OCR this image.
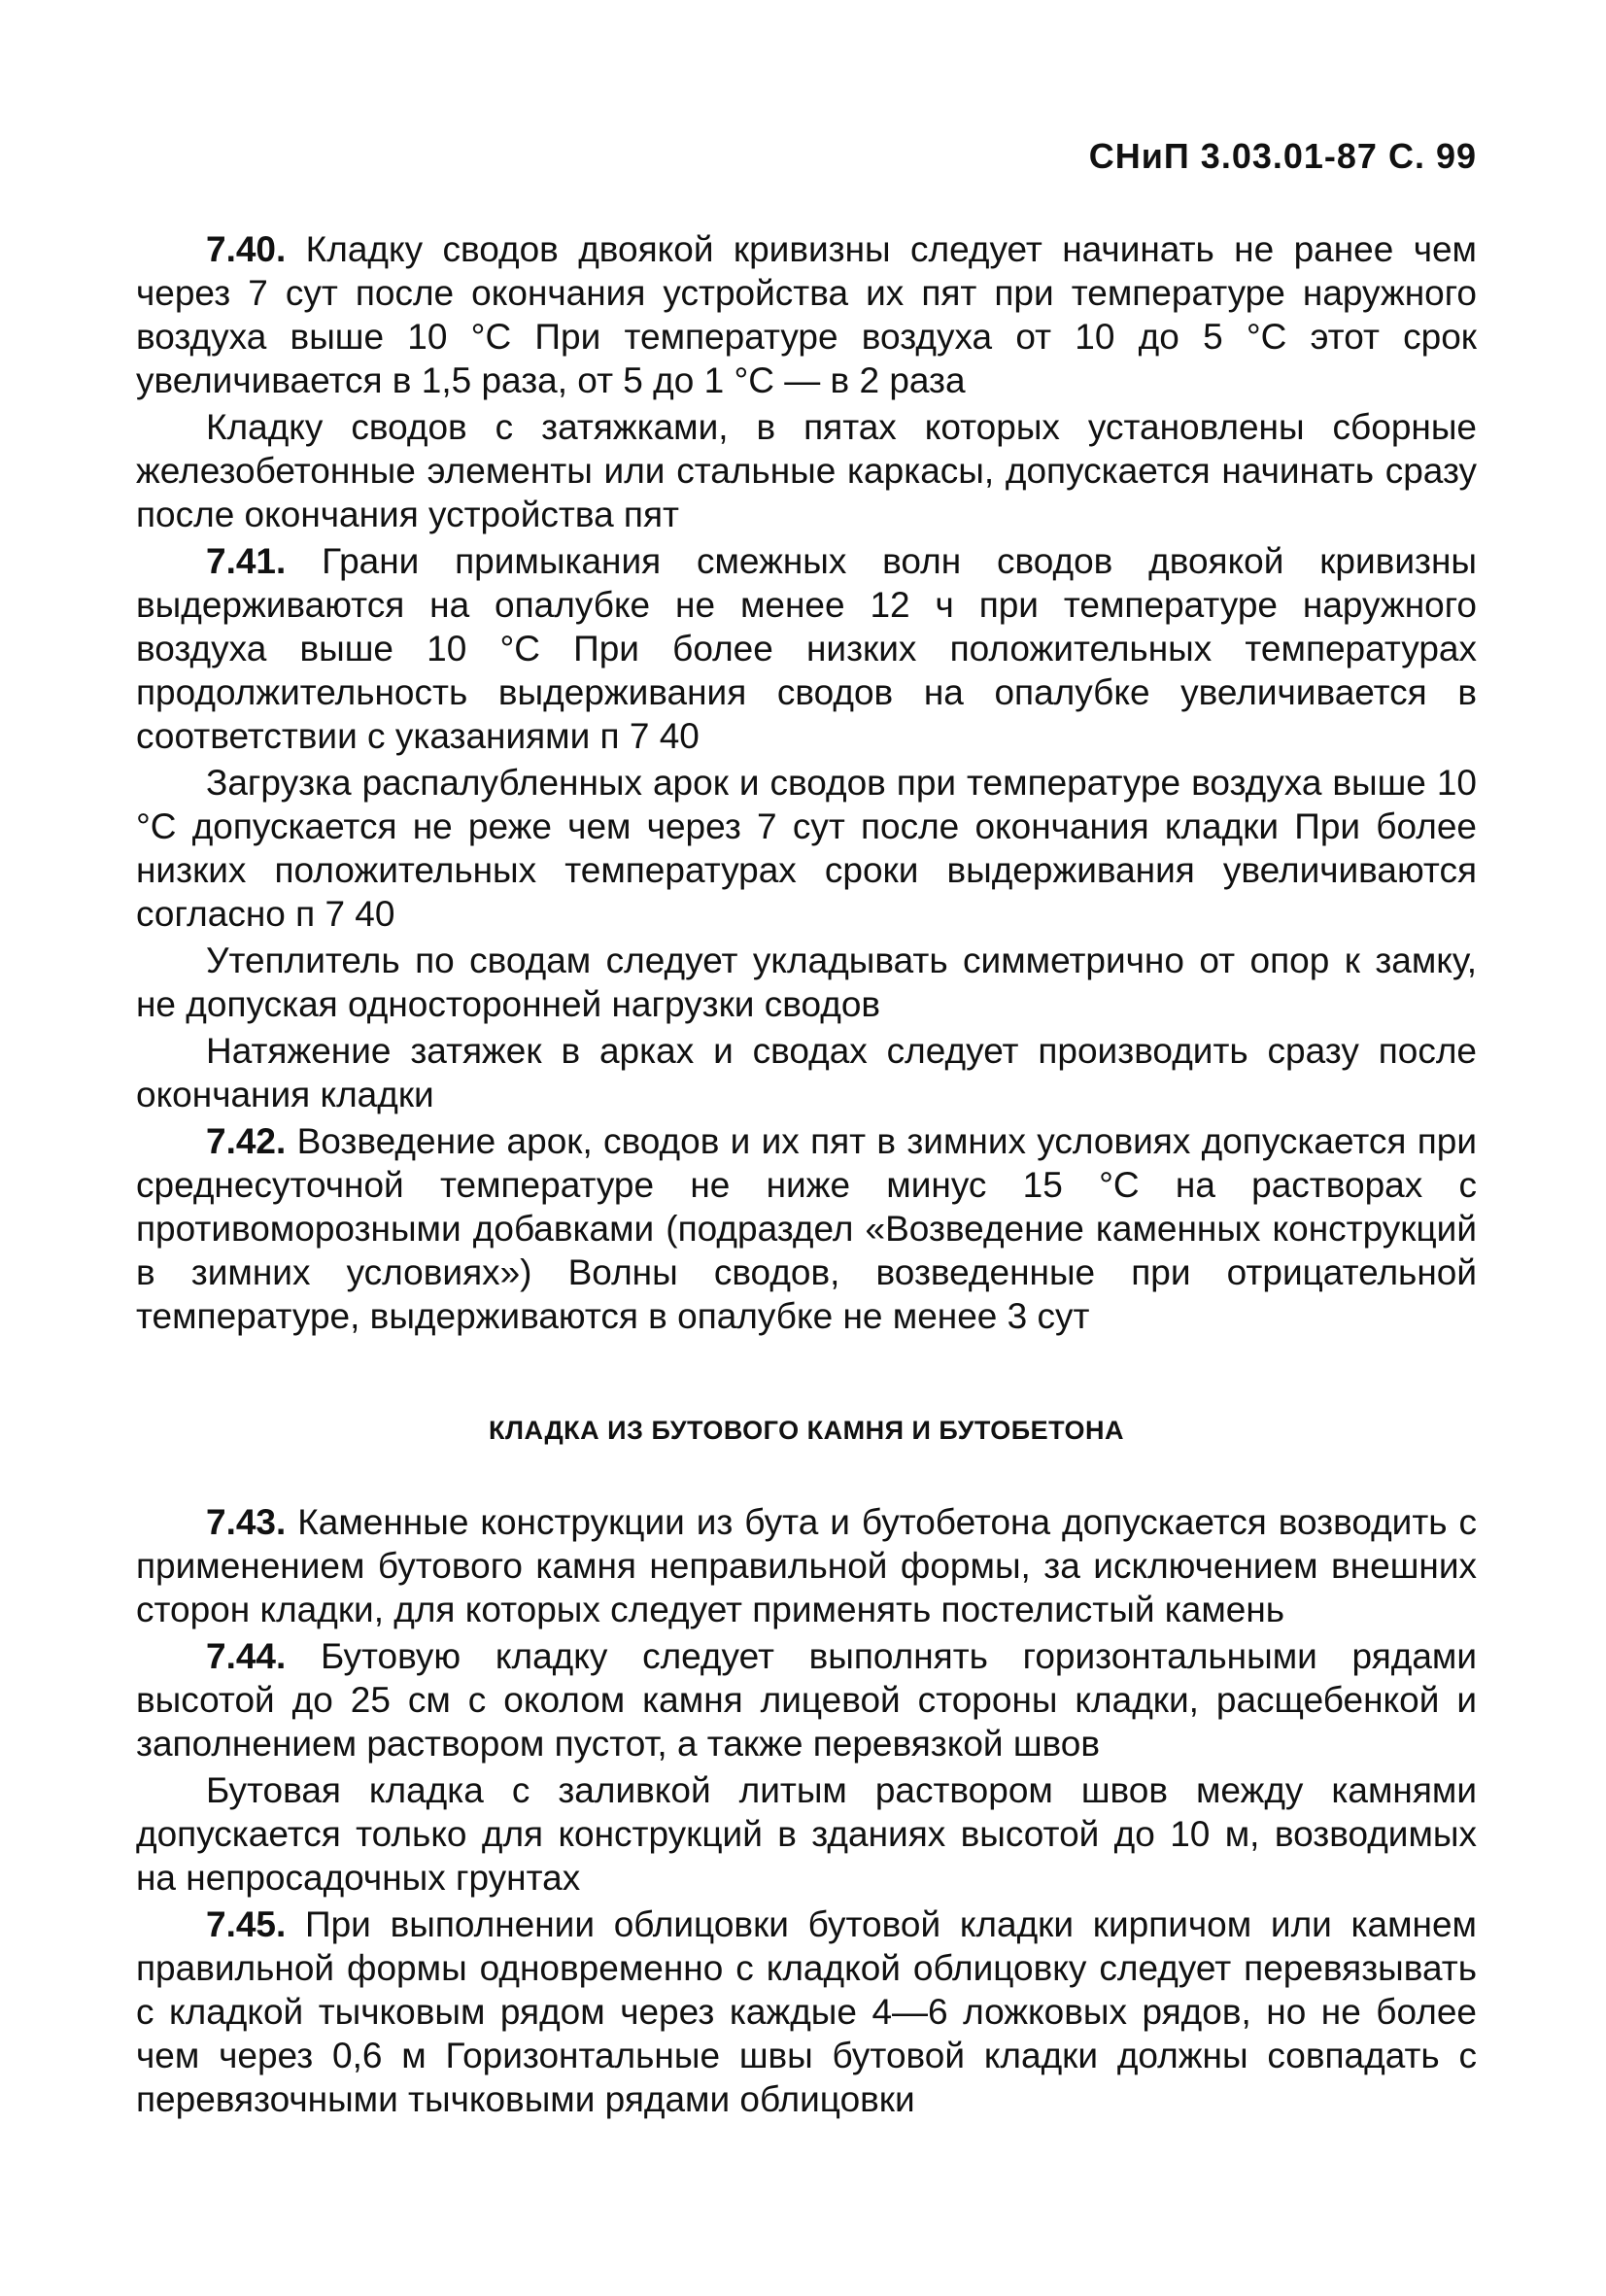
СНиП 3.03.01-87 С. 99

7.40. Кладку сводов двоякой кривизны следует начинать не ранее чем через 7 сут после окончания устройства их пят при температуре наружного воздуха выше 10 °С При температуре воздуха от 10 до 5 °С этот срок увеличивается в 1,5 раза, от 5 до 1 °С — в 2 раза

Кладку сводов с затяжками, в пятах которых установлены сборные железобетонные элементы или стальные каркасы, допускается начинать сразу после окончания устройства пят

7.41. Грани примыкания смежных волн сводов двоякой кривизны выдерживаются на опалубке не менее 12 ч при температуре наружного воздуха выше 10 °С При более низких положительных температурах продолжительность выдерживания сводов на опалубке увеличивается в соответствии с указаниями п 7 40

Загрузка распалубленных арок и сводов при температуре воздуха выше 10 °С допускается не реже чем через 7 сут после окончания кладки При более низких положительных температурах сроки выдерживания увеличиваются согласно п 7 40

Утеплитель по сводам следует укладывать симметрично от опор к замку, не допуская односторонней нагрузки сводов

Натяжение затяжек в арках и сводах следует производить сразу после окончания кладки

7.42. Возведение арок, сводов и их пят в зимних условиях допускается при среднесуточной температуре не ниже минус 15 °С на растворах с противоморозными добавками (подраздел «Возведение каменных конструкций в зимних условиях») Волны сводов, возведенные при отрицательной температуре, выдерживаются в опалубке не менее 3 сут

КЛАДКА ИЗ БУТОВОГО КАМНЯ И БУТОБЕТОНА

7.43. Каменные конструкции из бута и бутобетона допускается возводить с применением бутового камня неправильной формы, за исключением внешних сторон кладки, для которых следует применять постелистый камень

7.44. Бутовую кладку следует выполнять горизонтальными рядами высотой до 25 см с околом камня лицевой стороны кладки, расщебенкой и заполнением раствором пустот, а также перевязкой швов

Бутовая кладка с заливкой литым раствором швов между камнями допускается только для конструкций в зданиях высотой до 10 м, возводимых на непросадочных грунтах

7.45. При выполнении облицовки бутовой кладки кирпичом или камнем правильной формы одновременно с кладкой облицовку следует перевязывать с кладкой тычковым рядом через каждые 4—6 ложковых рядов, но не более чем через 0,6 м Горизонтальные швы бутовой кладки должны совпадать с перевязочными тычковыми рядами облицовки
